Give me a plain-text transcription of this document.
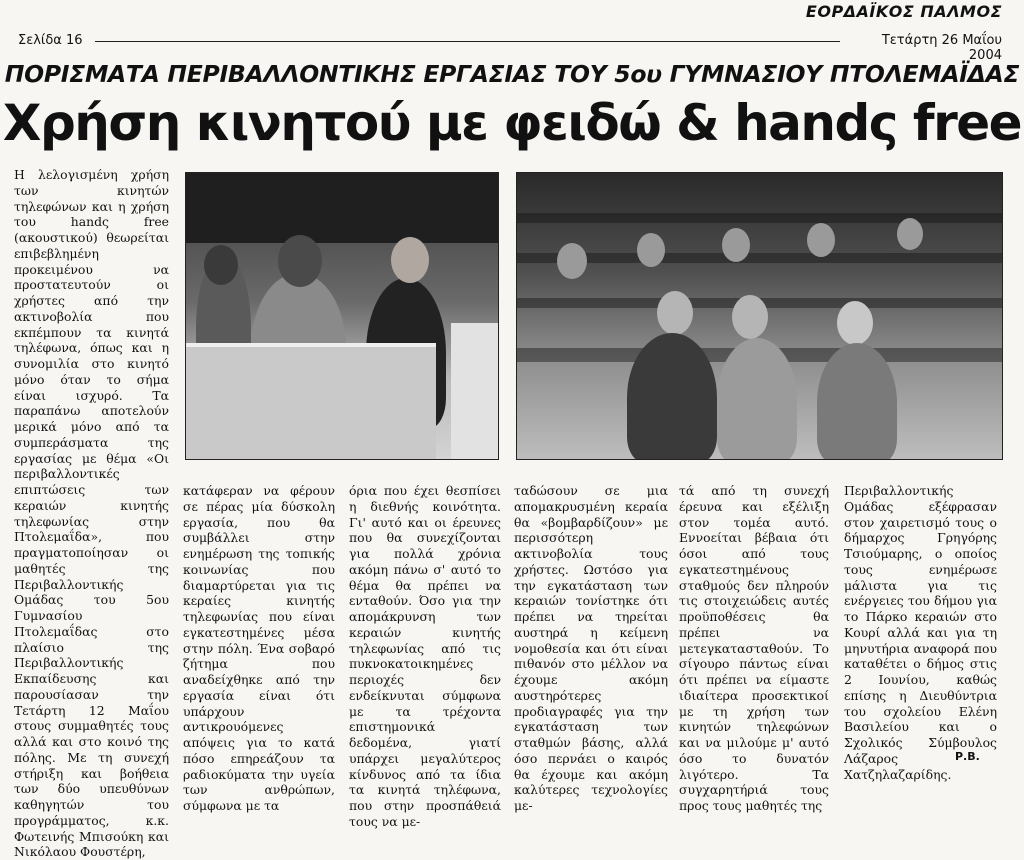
ΕΟΡΔΑΪΚΟΣ ΠΑΛΜΟΣ
Σελίδα 16	Τετάρτη 26 Μαΐου 2004
ΠΟΡΙΣΜΑΤΑ ΠΕΡΙΒΑΛΛΟΝΤΙΚΗΣ ΕΡΓΑΣΙΑΣ ΤΟΥ 5ου ΓΥΜΝΑΣΙΟΥ ΠΤΟΛΕΜΑΪΔΑΣ
Χρήση κινητού με φειδώ & handς free

Η λελογισμένη χρήση των κινητών τηλεφώνων και η χρήση του handς free (ακουστικού) θεωρείται επιβεβλημένη προκειμένου να προστατευτούν οι χρήστες από την ακτινοβολία που εκπέμπουν τα κινητά τηλέφωνα, όπως και η συνομιλία στο κινητό μόνο όταν το σήμα είναι ισχυρό. Τα παραπάνω αποτελούν μερικά μόνο από τα συμπεράσματα της εργασίας με θέμα «Οι περιβαλλοντικές επιπτώσεις των κεραιών κινητής τηλεφωνίας στην Πτολεμαΐδα», που πραγματοποίησαν οι μαθητές της Περιβαλλοντικής Ομάδας του 5ου Γυμνασίου Πτολεμαΐδας στο πλαίσιο της Περιβαλλοντικής Εκπαίδευσης και παρουσίασαν την Τετάρτη 12 Μαΐου στους συμμαθητές τους αλλά και στο κοινό της πόλης. Με τη συνεχή στήριξη και βοήθεια των δύο υπευθύνων καθηγητών του προγράμματος, κ.κ. Φωτεινής Μπισούκη και Νικόλαου Φουστέρη,

κατάφεραν να φέρουν σε πέρας μία δύσκολη εργασία, που θα συμβάλλει στην ενημέρωση της τοπικής κοινωνίας που διαμαρτύρεται για τις κεραίες κινητής τηλεφωνίας που είναι εγκατεστημένες μέσα στην πόλη. Ένα σοβαρό ζήτημα που αναδείχθηκε από την εργασία είναι ότι υπάρχουν αντικρουόμενες απόψεις για το κατά πόσο επηρεάζουν τα ραδιοκύματα την υγεία των ανθρώπων, σύμφωνα με τα

όρια που έχει θεσπίσει η διεθνής κοινότητα. Γι' αυτό και οι έρευνες που θα συνεχίζονται για πολλά χρόνια ακόμη πάνω σ' αυτό το θέμα θα πρέπει να ενταθούν. Όσο για την απομάκρυνση των κεραιών κινητής τηλεφωνίας από τις πυκνοκατοικημένες περιοχές δεν ενδείκνυται σύμφωνα με τα τρέχοντα επιστημονικά δεδομένα, γιατί υπάρχει μεγαλύτερος κίνδυνος από τα ίδια τα κινητά τηλέφωνα, που στην προσπάθειά τους να με-

ταδώσουν σε μια απομακρυσμένη κεραία θα «βομβαρδίζουν» με περισσότερη ακτινοβολία τους χρήστες. Ωστόσο για την εγκατάσταση των κεραιών τονίστηκε ότι πρέπει να τηρείται αυστηρά η κείμενη νομοθεσία και ότι είναι πιθανόν στο μέλλον να έχουμε ακόμη αυστηρότερες προδιαγραφές για την εγκατάσταση των σταθμών βάσης, αλλά όσο περνάει ο καιρός θα έχουμε και ακόμη καλύτερες τεχνολογίες με-

τά από τη συνεχή έρευνα και εξέλιξη στον τομέα αυτό. Εννοείται βέβαια ότι όσοι από τους εγκατεστημένους σταθμούς δεν πληρούν τις στοιχειώδεις αυτές προϋποθέσεις θα πρέπει να μετεγκατασταθούν. Το σίγουρο πάντως είναι ότι πρέπει να είμαστε ιδιαίτερα προσεκτικοί με τη χρήση των κινητών τηλεφώνων και να μιλούμε μ' αυτό όσο το δυνατόν λιγότερο. Τα συγχαρητήριά τους προς τους μαθητές της

Περιβαλλοντικής Ομάδας εξέφρασαν στον χαιρετισμό τους ο δήμαρχος Γρηγόρης Τσιούμαρης, ο οποίος τους ενημέρωσε μάλιστα για τις ενέργειες του δήμου για το Πάρκο κεραιών στο Κουρί αλλά και για τη μηνυτήρια αναφορά που καταθέτει ο δήμος στις 2 Ιουνίου, καθώς επίσης η Διευθύντρια του σχολείου Ελένη Βασιλείου και ο Σχολικός Σύμβουλος Λάζαρος Χατζηλαζαρίδης.

Ρ.Β.
